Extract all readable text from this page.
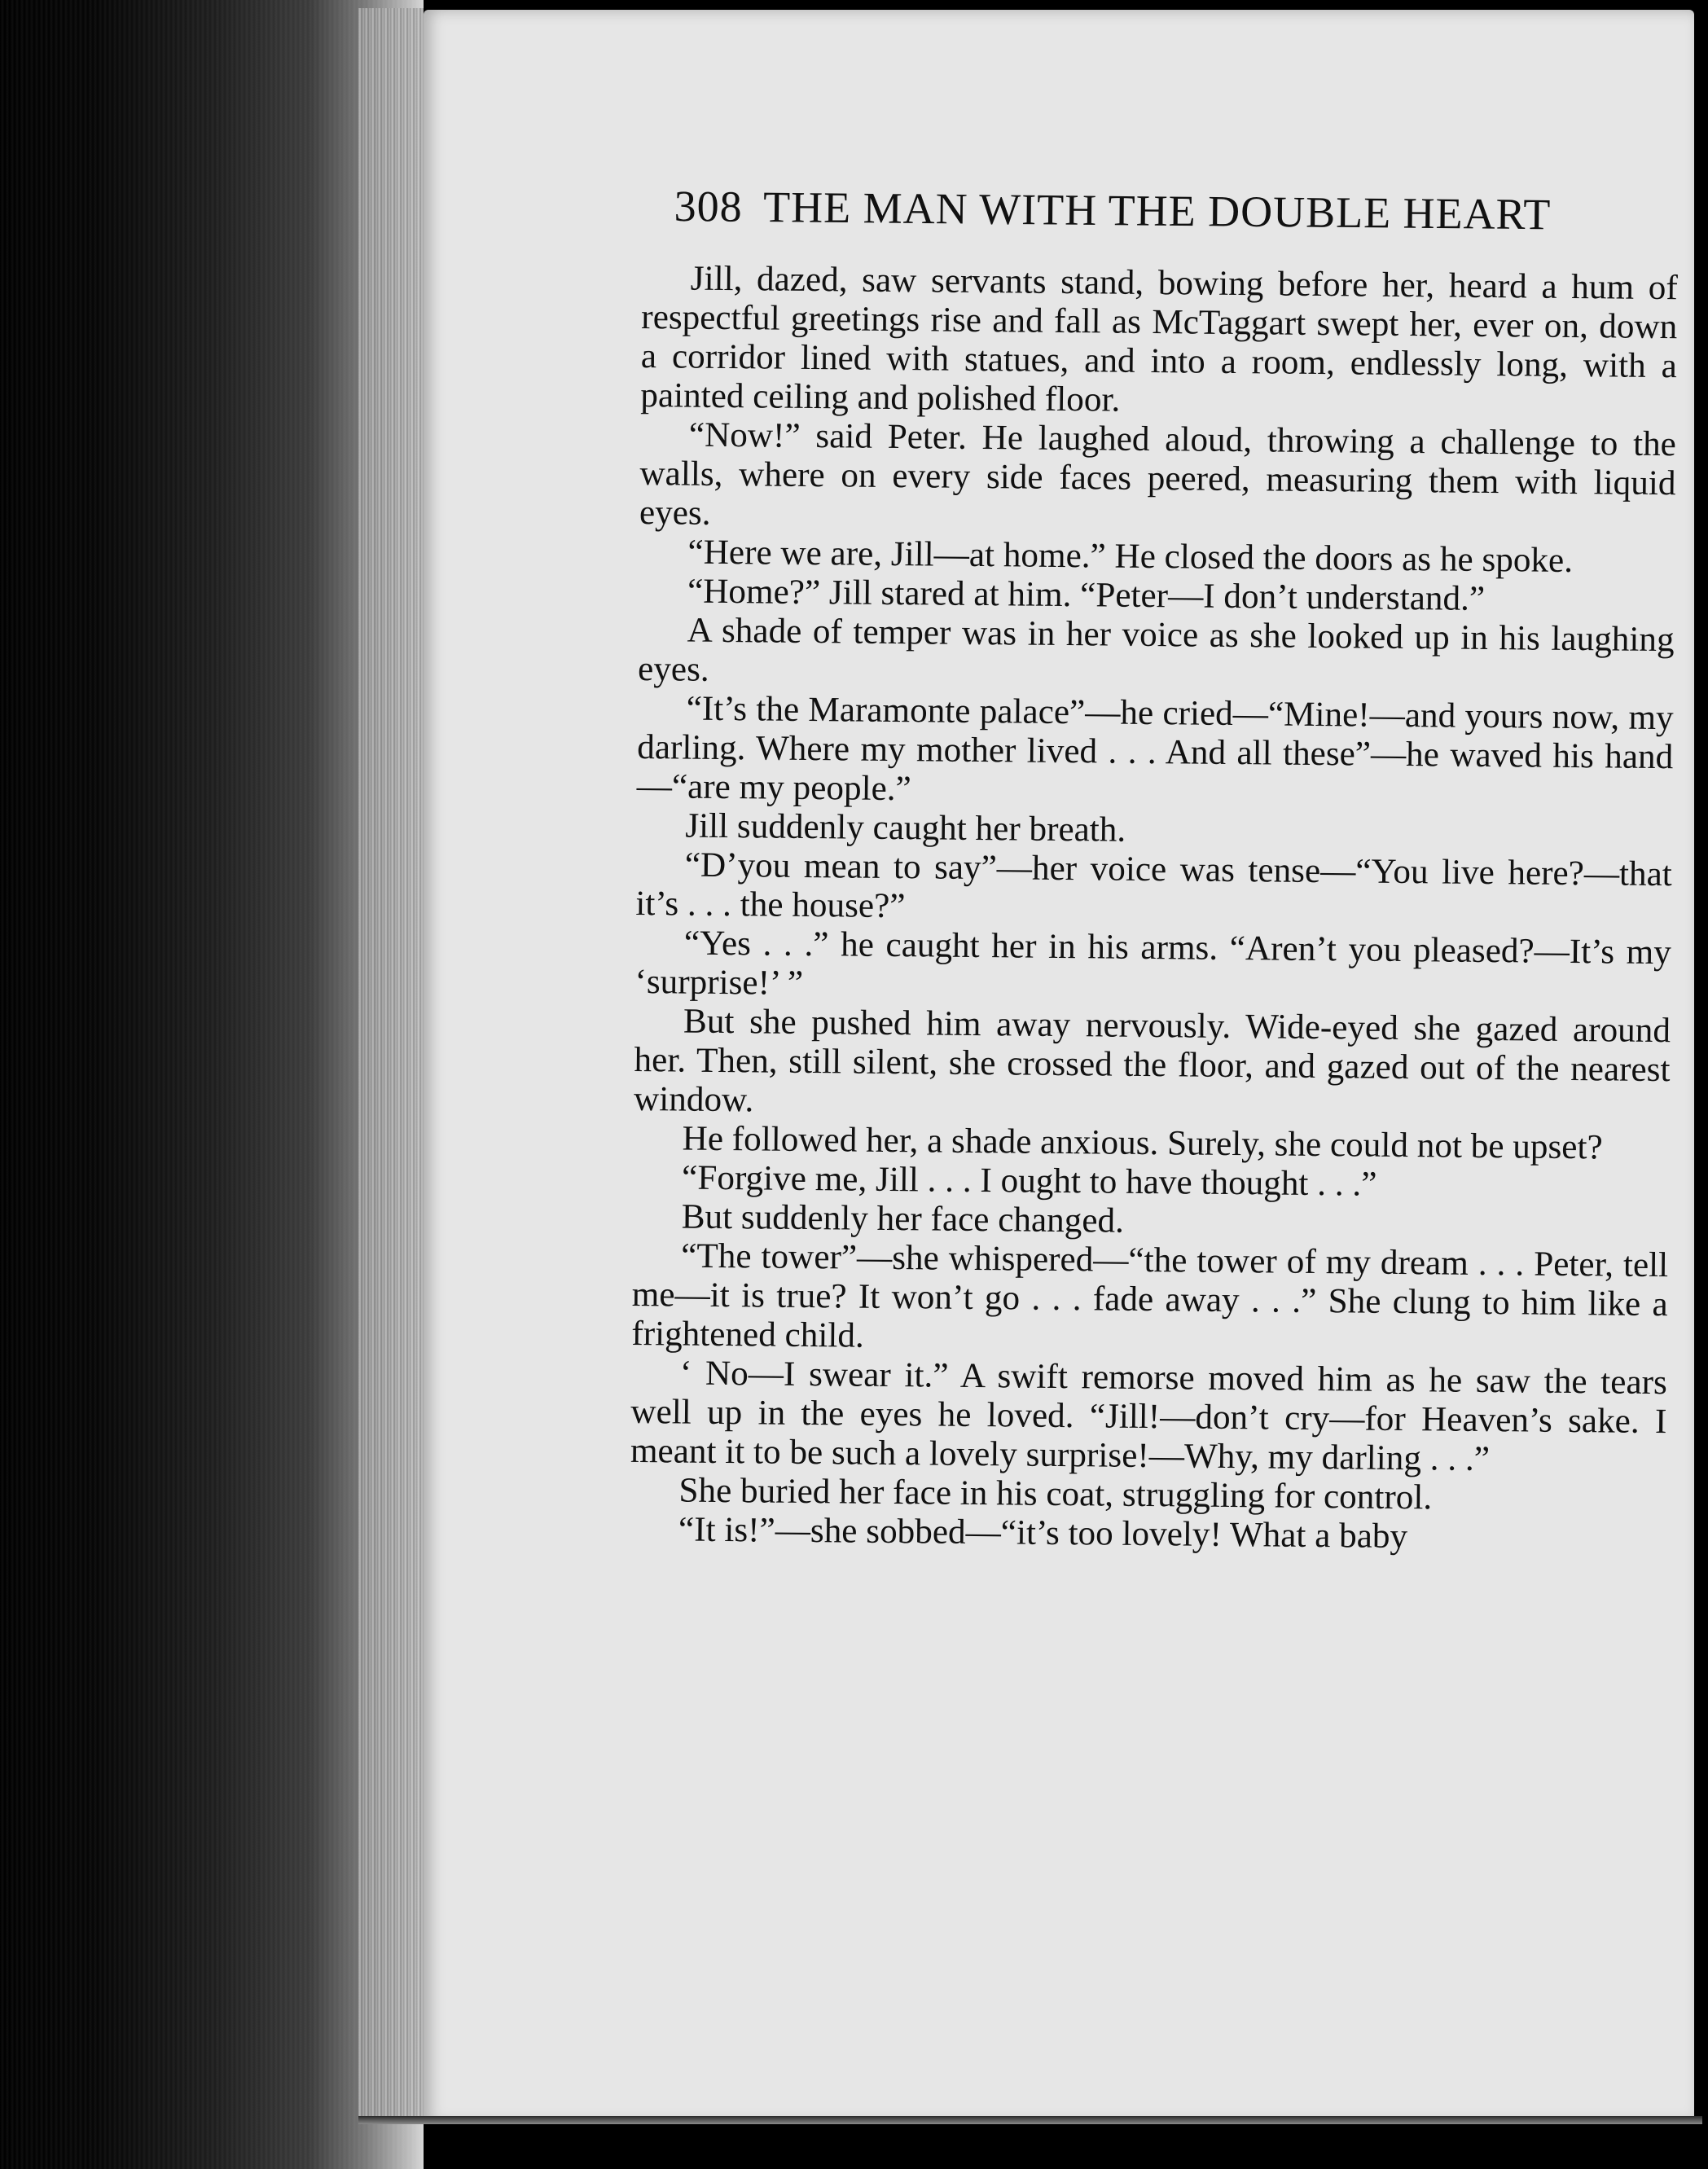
308 THE MAN WITH THE DOUBLE HEART

Jill, dazed, saw servants stand, bowing before her, heard a hum of respectful greetings rise and fall as McTaggart swept her, ever on, down a corridor lined with statues, and into a room, endlessly long, with a painted ceiling and polished floor.

“Now!” said Peter. He laughed aloud, throwing a challenge to the walls, where on every side faces peered, measuring them with liquid eyes.

“Here we are, Jill—at home.” He closed the doors as he spoke.

“Home?” Jill stared at him. “Peter—I don’t understand.”

A shade of temper was in her voice as she looked up in his laughing eyes.

“It’s the Maramonte palace”—he cried—“Mine!—and yours now, my darling. Where my mother lived . . . And all these”—he waved his hand—“are my people.”

Jill suddenly caught her breath.

“D’you mean to say”—her voice was tense—“You live here?—that it’s . . . the house?”

“Yes . . .” he caught her in his arms. “Aren’t you pleased?—It’s my ‘surprise!’ ”

But she pushed him away nervously. Wide-eyed she gazed around her. Then, still silent, she crossed the floor, and gazed out of the nearest window.

He followed her, a shade anxious. Surely, she could not be upset?

“Forgive me, Jill . . . I ought to have thought . . .”

But suddenly her face changed.

“The tower”—she whispered—“the tower of my dream . . . Peter, tell me—it is true? It won’t go . . . fade away . . .” She clung to him like a frightened child.

‘ No—I swear it.” A swift remorse moved him as he saw the tears well up in the eyes he loved. “Jill!—don’t cry—for Heaven’s sake. I meant it to be such a lovely surprise!—Why, my darling . . .”

She buried her face in his coat, struggling for control.

“It is!”—she sobbed—“it’s too lovely! What a baby
